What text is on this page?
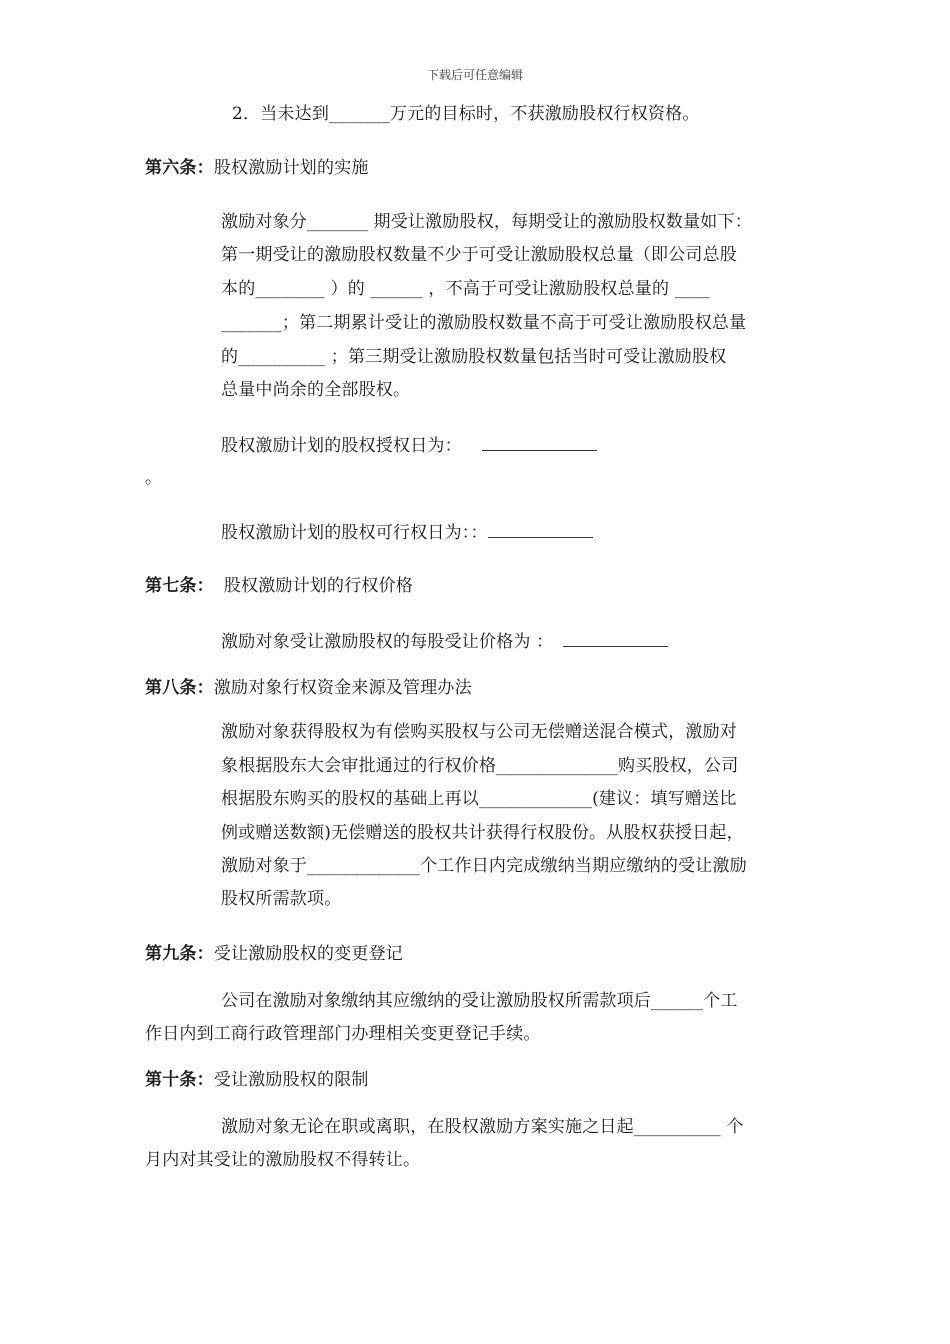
下载后可任意编辑
2．当未达到_______万元的目标时，不获激励股权行权资格。
第六条：股权激励计划的实施
激励对象分_______ 期受让激励股权，每期受让的激励股权数量如下：
第一期受让的激励股权数量不少于可受让激励股权总量（即公司总股
本的________ ）的 ______ ，不高于可受让激励股权总量的 ____
_______；第二期累计受让的激励股权数量不高于可受让激励股权总量
的__________ ；第三期受让激励股权数量包括当时可受让激励股权
总量中尚余的全部股权。
股权激励计划的股权授权日为：
。
股权激励计划的股权可行权日为：：
第七条： 股权激励计划的行权价格
激励对象受让激励股权的每股受让价格为 ：
第八条：激励对象行权资金来源及管理办法
激励对象获得股权为有偿购买股权与公司无偿赠送混合模式，激励对
象根据股东大会审批通过的行权价格______________购买股权，公司
根据股东购买的股权的基础上再以_____________(建议：填写赠送比
例或赠送数额)无偿赠送的股权共计获得行权股份。从股权获授日起，
激励对象于_____________个工作日内完成缴纳当期应缴纳的受让激励
股权所需款项。
第九条：受让激励股权的变更登记
公司在激励对象缴纳其应缴纳的受让激励股权所需款项后______个工
作日内到工商行政管理部门办理相关变更登记手续。
第十条：受让激励股权的限制
激励对象无论在职或离职，在股权激励方案实施之日起__________ 个
月内对其受让的激励股权不得转让。
